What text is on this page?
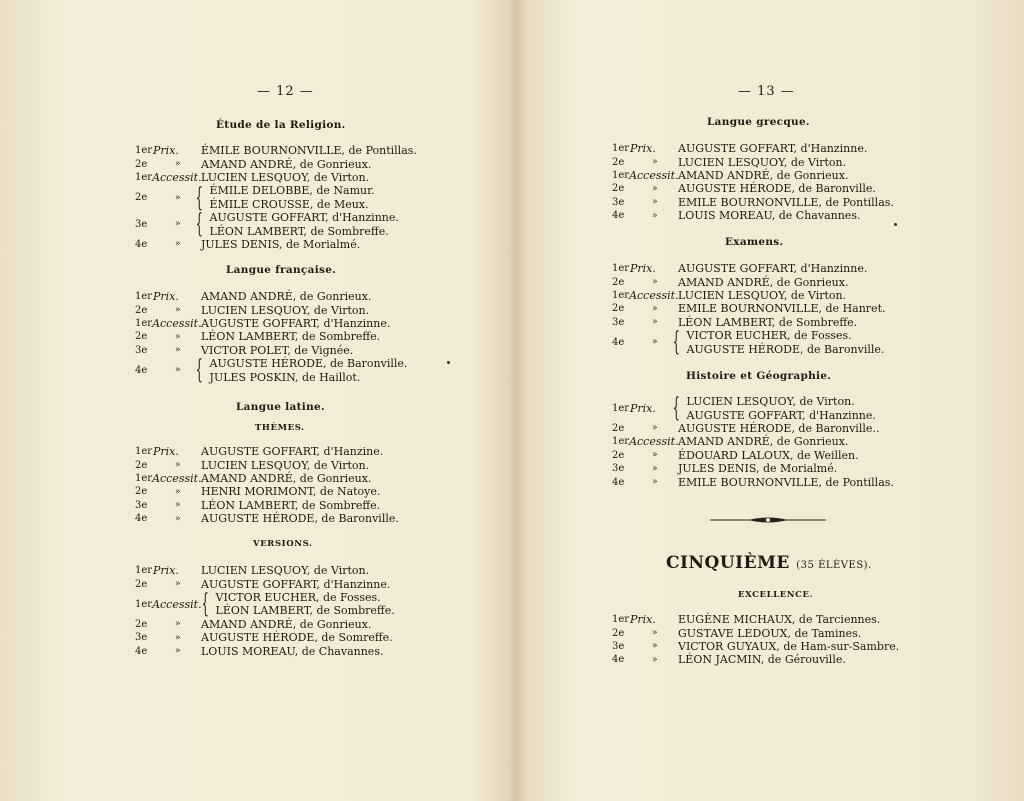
— 12 —
Étude de la Religion.
1er Prix. ÉMILE BOURNONVILLE, de Pontillas.
2e	» AMAND ANDRÉ, de Gonrieux.
1er Accessit. LUCIEN LESQUOY, de Virton.
2e	» { ÉMILE DELOBBE, de Namur.
ÉMILE CROUSSE, de Meux.
3e	» { AUGUSTE GOFFART, d'Hanzinne.
LÉON LAMBERT, de Sombreffe.
4e	» JULES DENIS, de Morialmé.
Langue française.
1er Prix. AMAND ANDRÉ, de Gonrieux.
2e	» LUCIEN LESQUOY, de Virton.
1er Accessit. AUGUSTE GOFFART, d'Hanzinne.
2e	» LÉON LAMBERT, de Sombreffe.
3e	» VICTOR POLET, de Vignée.
4e	» { AUGUSTE HÉRODE, de Baronville.
JULES POSKIN, de Haillot.
Langue latine.
THÈMES.
1er Prix. AUGUSTE GOFFART, d'Hanzine.
2e	» LUCIEN LESQUOY, de Virton.
1er Accessit. AMAND ANDRÉ, de Gonrieux.
2e	» HENRI MORIMONT, de Natoye.
3e	» LÉON LAMBERT, de Sombreffe.
4e	» AUGUSTE HÉRODE, de Baronville.
VERSIONS.
1er Prix. LUCIEN LESQUOY, de Virton.
2e	» AUGUSTE GOFFART, d'Hanzinne.
1er Accessit. { VICTOR EUCHER, de Fosses.
LÉON LAMBERT, de Sombreffe.
2e	» AMAND ANDRÉ, de Gonrieux.
3e	» AUGUSTE HÉRODE, de Somreffe.
4e	» LOUIS MOREAU, de Chavannes.
— 13 —
Langue grecque.
1er Prix. AUGUSTE GOFFART, d'Hanzinne.
2e	» LUCIEN LESQUOY, de Virton.
1er Accessit. AMAND ANDRÉ, de Gonrieux.
2e	» AUGUSTE HÉRODE, de Baronville.
3e	» EMILE BOURNONVILLE, de Pontillas.
4e	» LOUIS MOREAU, de Chavannes.
Examens.
1er Prix. AUGUSTE GOFFART, d'Hanzinne.
2e	» AMAND ANDRÉ, de Gonrieux.
1er Accessit. LUCIEN LESQUOY, de Virton.
2e	» EMILE BOURNONVILLE, de Hanret.
3e	» LÉON LAMBERT, de Sombreffe.
4e	» { VICTOR EUCHER, de Fosses.
AUGUSTE HÉRODE, de Baronville.
Histoire et Géographie.
1er Prix. { LUCIEN LESQUOY, de Virton.
AUGUSTE GOFFART, d'Hanzinne.
2e	» AUGUSTE HÉRODE, de Baronville..
1er Accessit. AMAND ANDRÉ, de Gonrieux.
2e	» ÉDOUARD LALOUX, de Weillen.
3e	» JULES DENIS, de Morialmé.
4e	» EMILE BOURNONVILLE, de Pontillas.
CINQUIÈME (35 ÉLÈVES).
EXCELLENCE.
1er Prix. EUGÈNE MICHAUX, de Tarciennes.
2e	» GUSTAVE LEDOUX, de Tamines.
3e	» VICTOR GUYAUX, de Ham-sur-Sambre.
4e	» LÉON JACMIN, de Gérouville.
